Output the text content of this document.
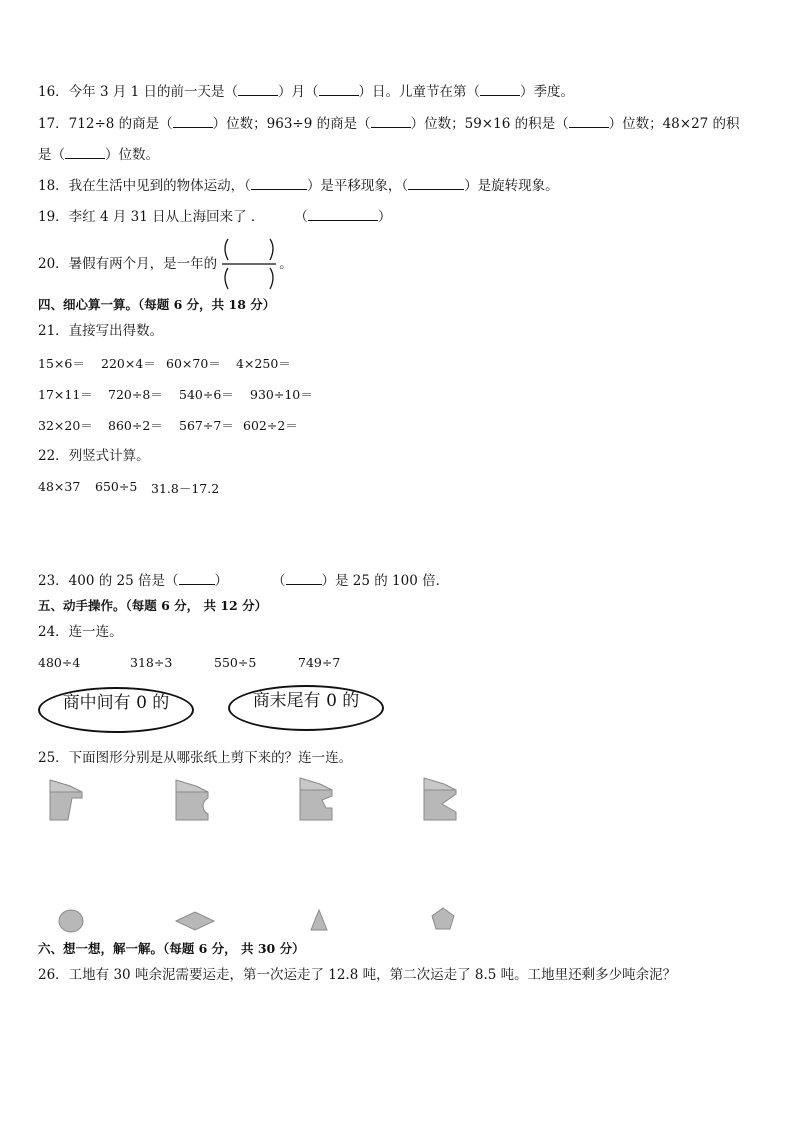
16．今年 3 月 1 日的前一天是（	）月（	）日。儿童节在第（	）季度。
17．712÷8 的商是（	）位数；963÷9 的商是（	）位数；59×16 的积是（	）位数；48×27 的积
是（	）位数。
18．我在生活中见到的物体运动，（	）是平移现象，（	）是旋转现象。
19．李红 4 月 31 日从上海回来了 ． （	）
20．暑假有两个月，是一年的	。
四、细心算一算。（每题 6 分，共 18 分）
21．直接写出得数。
15×6＝ 220×4＝ 60×70＝ 4×250＝
17×11＝ 720÷8＝ 540÷6＝ 930÷10＝
32×20＝ 860÷2＝ 567÷7＝ 602÷2＝
22．列竖式计算。
48×37 650÷5 31.8－17.2
23．400 的 25 倍是（	）	（	）是 25 的 100 倍．
五、动手操作。（每题 6 分， 共 12 分）
24．连一连。
480÷4	318÷3	550÷5	749÷7
商中间有 0 的	商末尾有 0 的
25．下面图形分别是从哪张纸上剪下来的？连一连。
六、想一想，解一解。（每题 6 分， 共 30 分）
26．工地有 30 吨余泥需要运走，第一次运走了 12.8 吨，第二次运走了 8.5 吨。工地里还剩多少吨余泥？
